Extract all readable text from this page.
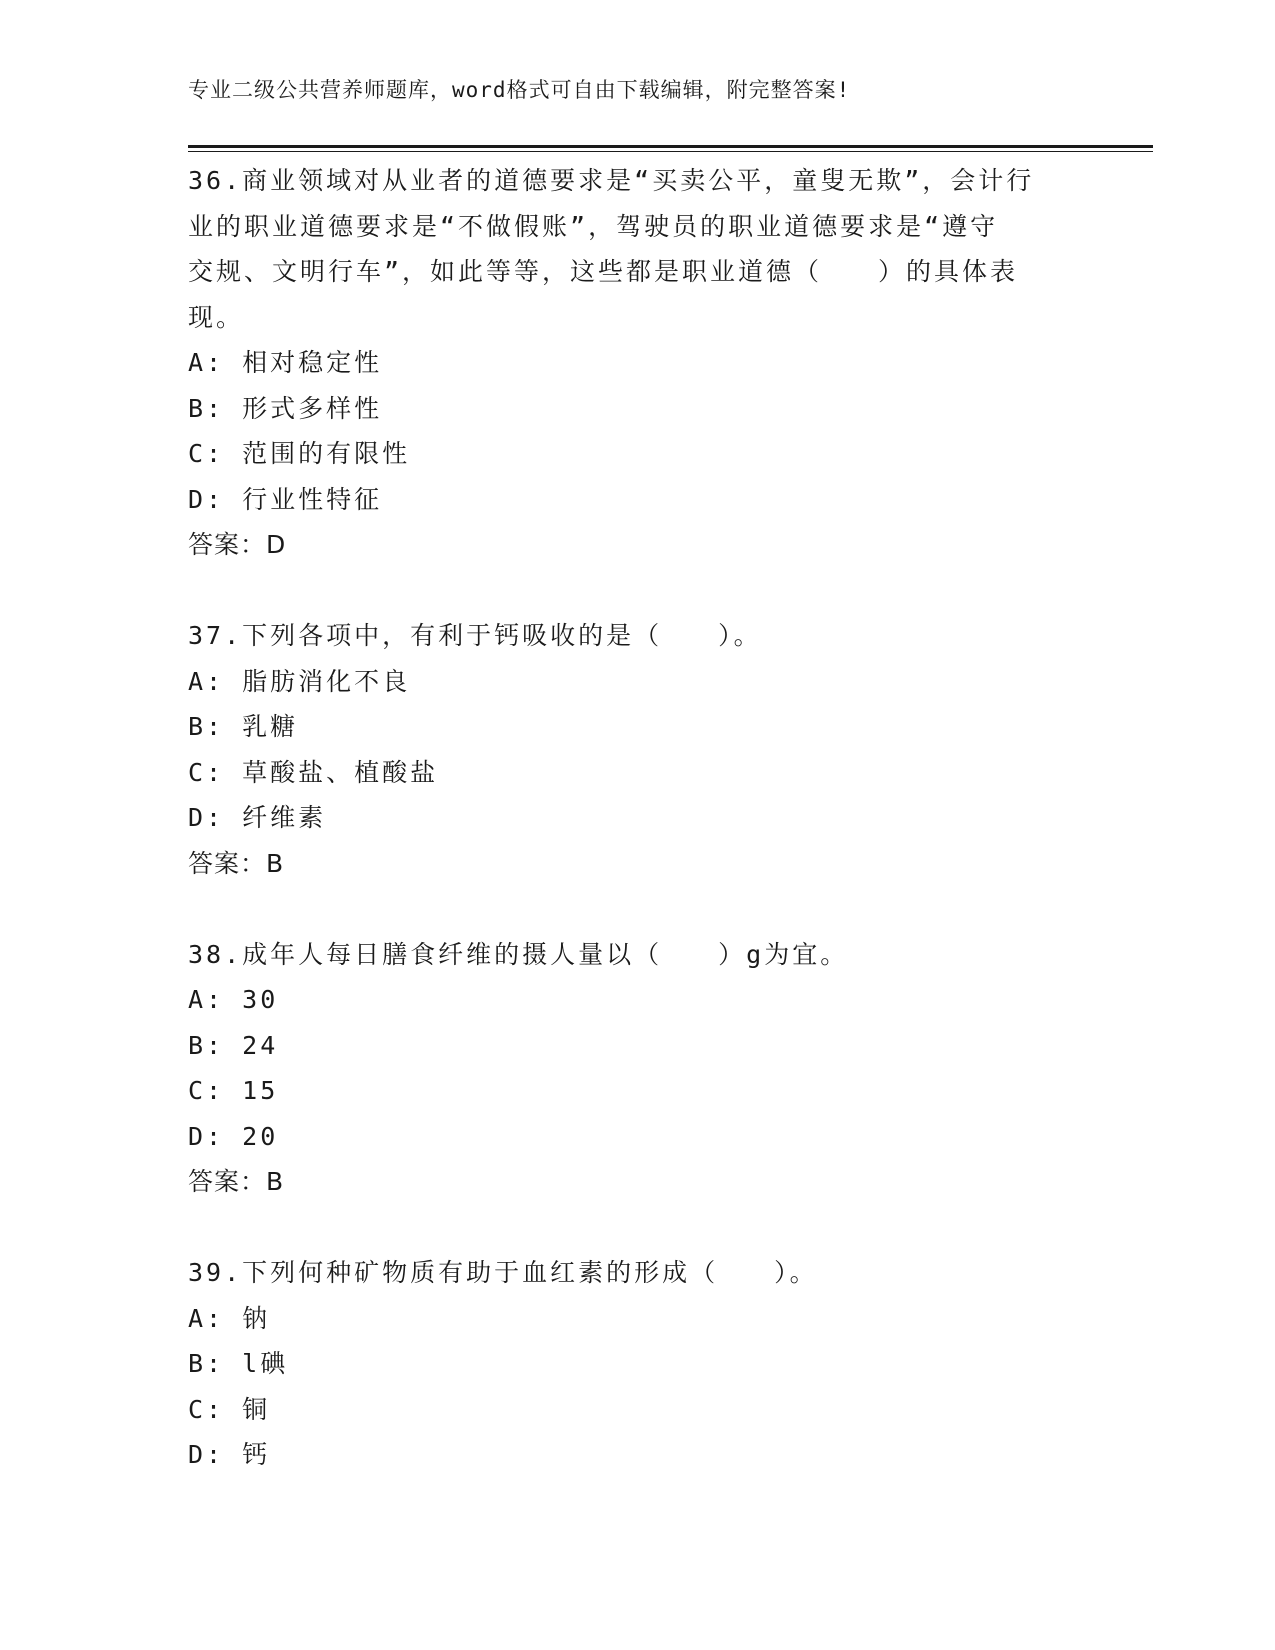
专业二级公共营养师题库，word格式可自由下载编辑，附完整答案!
36.商业领域对从业者的道德要求是“买卖公平，童叟无欺”，会计行
业的职业道德要求是“不做假账”，驾驶员的职业道德要求是“遵守
交规、文明行车”，如此等等，这些都是职业道德（　　）的具体表
现。
A: 相对稳定性
B: 形式多样性
C: 范围的有限性
D: 行业性特征
答案：D
37.下列各项中，有利于钙吸收的是（　　）。
A: 脂肪消化不良
B: 乳糖
C: 草酸盐、植酸盐
D: 纤维素
答案：B
38.成年人每日膳食纤维的摄人量以（　　）g为宜。
A: 30
B: 24
C: 15
D: 20
答案：B
39.下列何种矿物质有助于血红素的形成（　　）。
A: 钠
B: l碘
C: 铜
D: 钙
